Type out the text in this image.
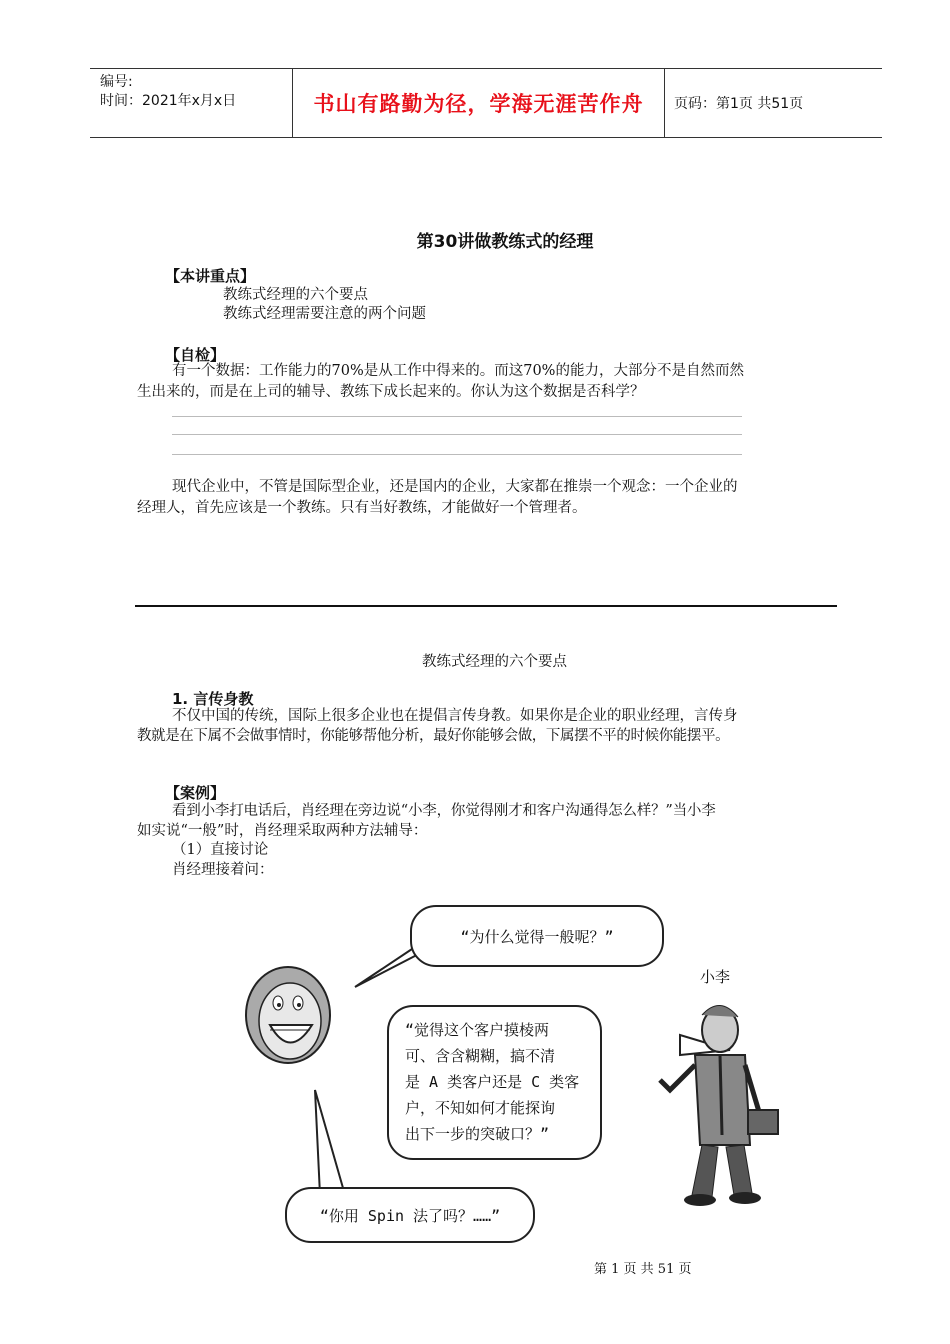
编号:
时间：2021年x月x日	书山有路勤为径，学海无涯苦作舟	页码：第1页 共51页
第30讲做教练式的经理
【本讲重点】
教练式经理的六个要点
教练式经理需要注意的两个问题
【自检】
有一个数据：工作能力的70%是从工作中得来的。而这70%的能力，大部分不是自然而然
生出来的，而是在上司的辅导、教练下成长起来的。你认为这个数据是否科学？
现代企业中，不管是国际型企业，还是国内的企业，大家都在推崇一个观念：一个企业的
经理人，首先应该是一个教练。只有当好教练，才能做好一个管理者。
教练式经理的六个要点
1. 言传身教
不仅中国的传统，国际上很多企业也在提倡言传身教。如果你是企业的职业经理，言传身
教就是在下属不会做事情时，你能够帮他分析，最好你能够会做，下属摆不平的时候你能摆平。
【案例】
看到小李打电话后，肖经理在旁边说“小李，你觉得刚才和客户沟通得怎么样？”当小李
如实说“一般”时，肖经理采取两种方法辅导：
（1）直接讨论
肖经理接着问：
“为什么觉得一般呢？”
小李
“觉得这个客户摸棱两
可、含含糊糊，搞不清
是 A 类客户还是 C 类客
户，不知如何才能探询
出下一步的突破口？”
“你用 Spin 法了吗？……”
第 1 页 共 51 页
